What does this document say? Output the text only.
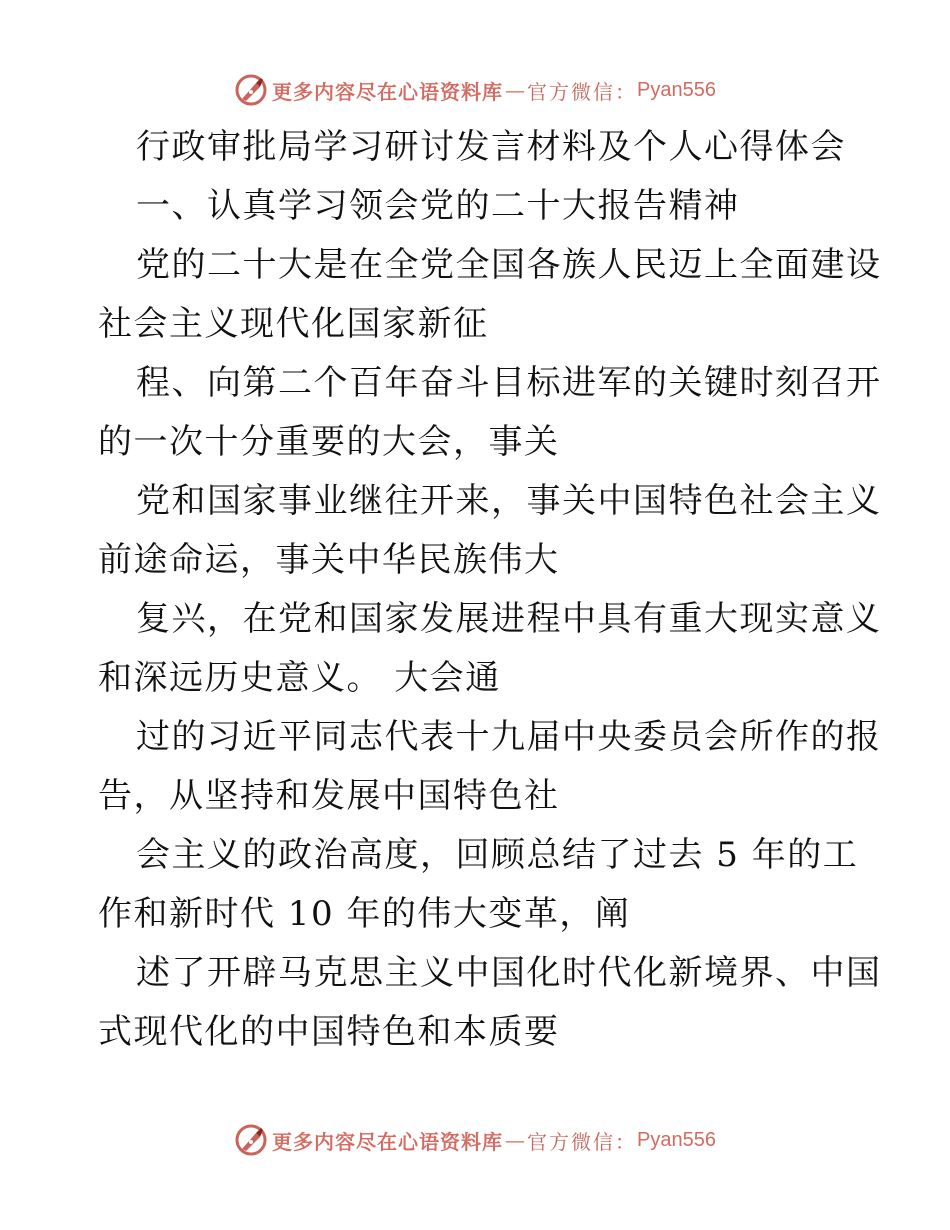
更多内容尽在心语资料库 — 官方微信： Pyan556
行政审批局学习研讨发言材料及个人心得体会
一、认真学习领会党的二十大报告精神
党的二十大是在全党全国各族人民迈上全面建设
社会主义现代化国家新征
程、向第二个百年奋斗目标进军的关键时刻召开
的一次十分重要的大会，事关
党和国家事业继往开来，事关中国特色社会主义
前途命运，事关中华民族伟大
复兴，在党和国家发展进程中具有重大现实意义
和深远历史意义。 大会通
过的习近平同志代表十九届中央委员会所作的报
告，从坚持和发展中国特色社
会主义的政治高度，回顾总结了过去 5 年的工
作和新时代 10 年的伟大变革，阐
述了开辟马克思主义中国化时代化新境界、中国
式现代化的中国特色和本质要
更多内容尽在心语资料库 — 官方微信： Pyan556
